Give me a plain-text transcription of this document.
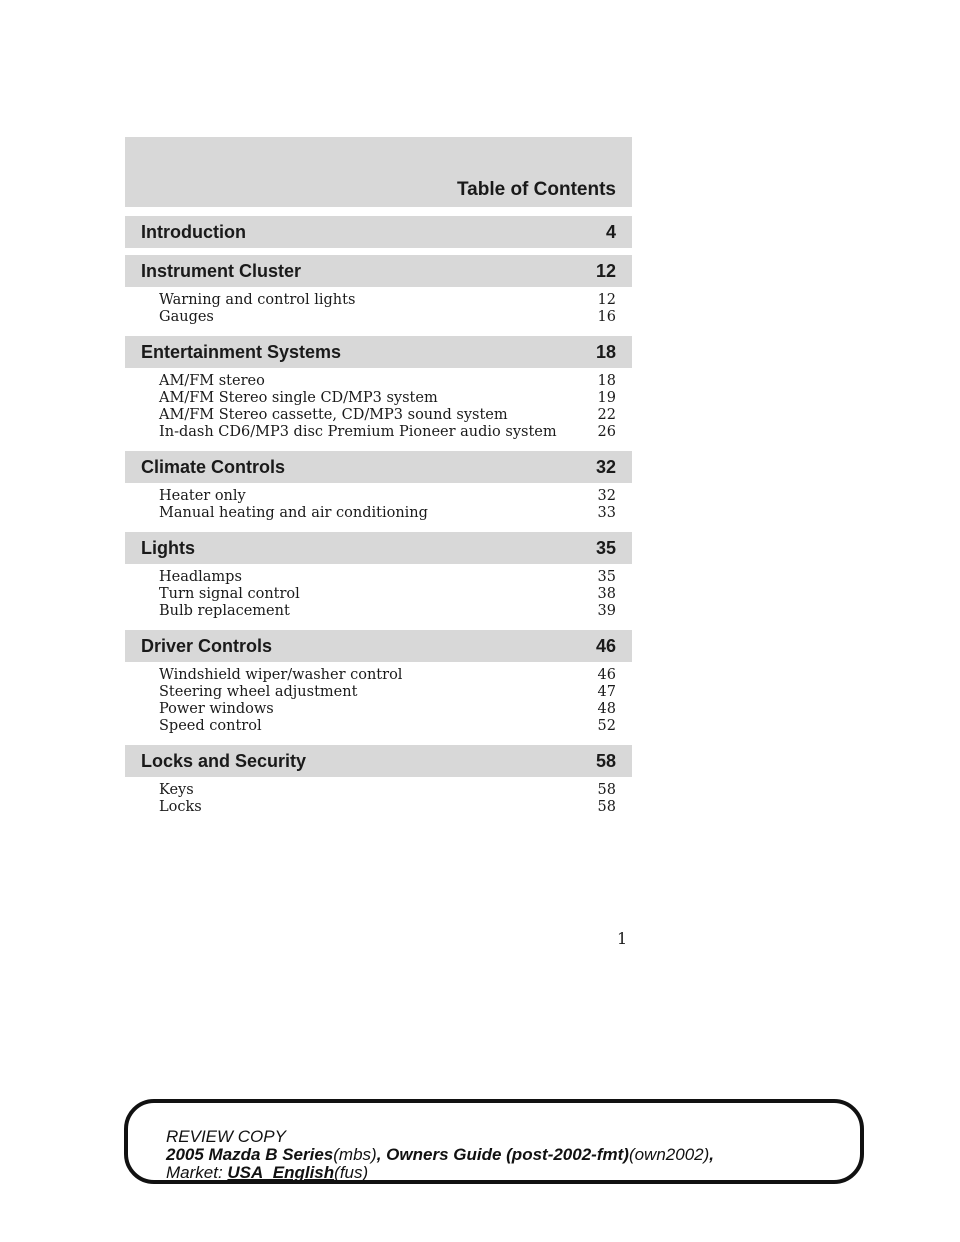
Table of Contents
Introduction	4
Instrument Cluster	12
Warning and control lights	12
Gauges	16
Entertainment Systems	18
AM/FM stereo	18
AM/FM Stereo single CD/MP3 system	19
AM/FM Stereo cassette, CD/MP3 sound system	22
In-dash CD6/MP3 disc Premium Pioneer audio system	26
Climate Controls	32
Heater only	32
Manual heating and air conditioning	33
Lights	35
Headlamps	35
Turn signal control	38
Bulb replacement	39
Driver Controls	46
Windshield wiper/washer control	46
Steering wheel adjustment	47
Power windows	48
Speed control	52
Locks and Security	58
Keys	58
Locks	58
1
REVIEW COPY
2005 Mazda B Series(mbs), Owners Guide (post-2002-fmt)(own2002),
Market: USA_English(fus)
